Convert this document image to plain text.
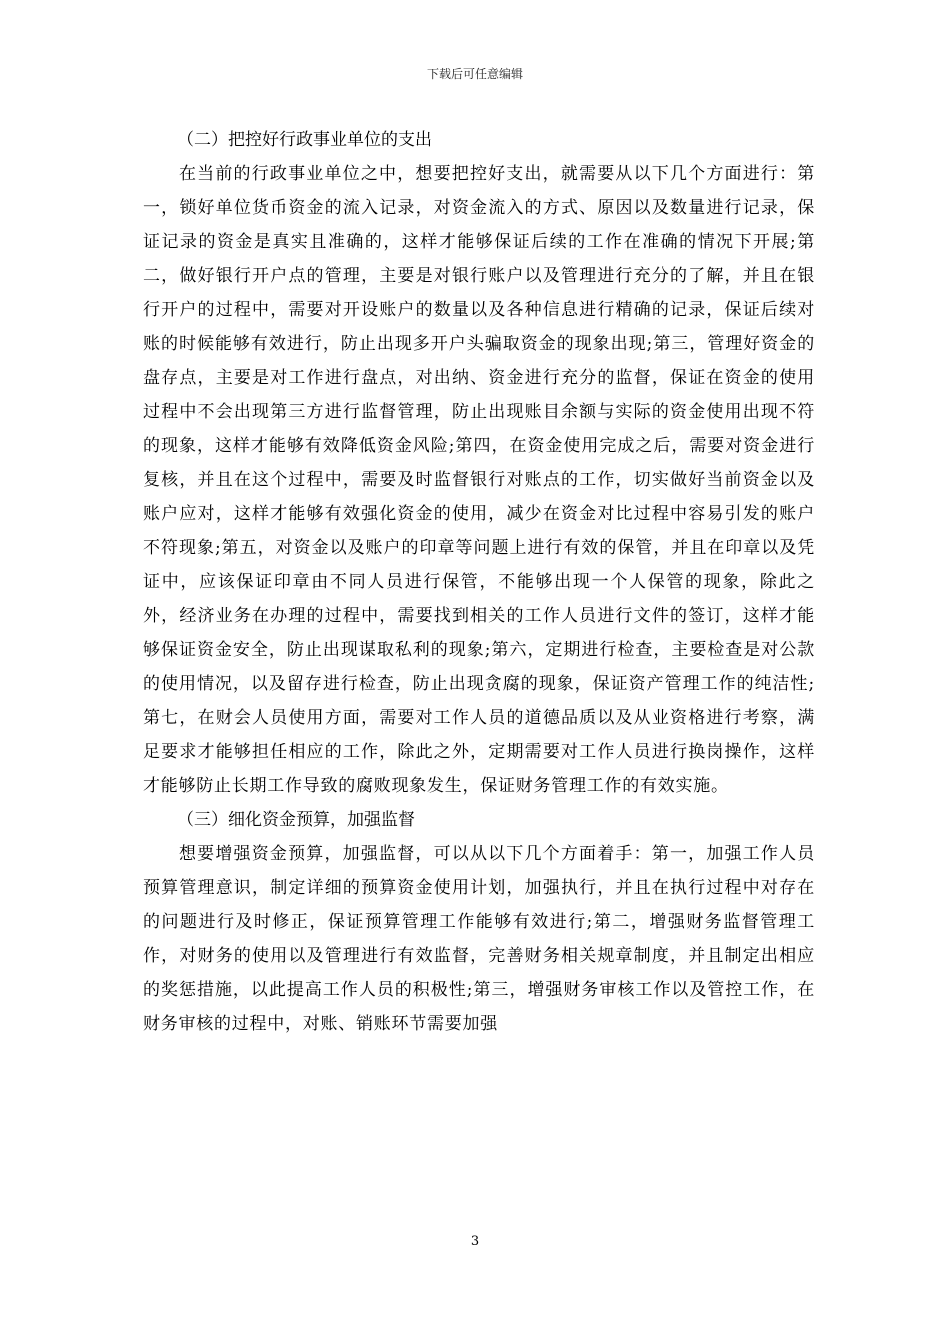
下载后可任意编辑

（二）把控好行政事业单位的支出

在当前的行政事业单位之中，想要把控好支出，就需要从以下几个方面进行：第一，锁好单位货币资金的流入记录，对资金流入的方式、原因以及数量进行记录，保证记录的资金是真实且准确的，这样才能够保证后续的工作在准确的情况下开展;第二，做好银行开户点的管理，主要是对银行账户以及管理进行充分的了解，并且在银行开户的过程中，需要对开设账户的数量以及各种信息进行精确的记录，保证后续对账的时候能够有效进行，防止出现多开户头骗取资金的现象出现;第三，管理好资金的盘存点，主要是对工作进行盘点，对出纳、资金进行充分的监督，保证在资金的使用过程中不会出现第三方进行监督管理，防止出现账目余额与实际的资金使用出现不符的现象，这样才能够有效降低资金风险;第四，在资金使用完成之后，需要对资金进行复核，并且在这个过程中，需要及时监督银行对账点的工作，切实做好当前资金以及账户应对，这样才能够有效强化资金的使用，减少在资金对比过程中容易引发的账户不符现象;第五，对资金以及账户的印章等问题上进行有效的保管，并且在印章以及凭证中，应该保证印章由不同人员进行保管，不能够出现一个人保管的现象，除此之外，经济业务在办理的过程中，需要找到相关的工作人员进行文件的签订，这样才能够保证资金安全，防止出现谋取私利的现象;第六，定期进行检查，主要检查是对公款的使用情况，以及留存进行检查，防止出现贪腐的现象，保证资产管理工作的纯洁性;第七，在财会人员使用方面，需要对工作人员的道德品质以及从业资格进行考察，满足要求才能够担任相应的工作，除此之外，定期需要对工作人员进行换岗操作，这样才能够防止长期工作导致的腐败现象发生，保证财务管理工作的有效实施。

（三）细化资金预算，加强监督

想要增强资金预算，加强监督，可以从以下几个方面着手：第一，加强工作人员预算管理意识，制定详细的预算资金使用计划，加强执行，并且在执行过程中对存在的问题进行及时修正，保证预算管理工作能够有效进行;第二，增强财务监督管理工作，对财务的使用以及管理进行有效监督，完善财务相关规章制度，并且制定出相应的奖惩措施，以此提高工作人员的积极性;第三，增强财务审核工作以及管控工作，在财务审核的过程中，对账、销账环节需要加强

3
